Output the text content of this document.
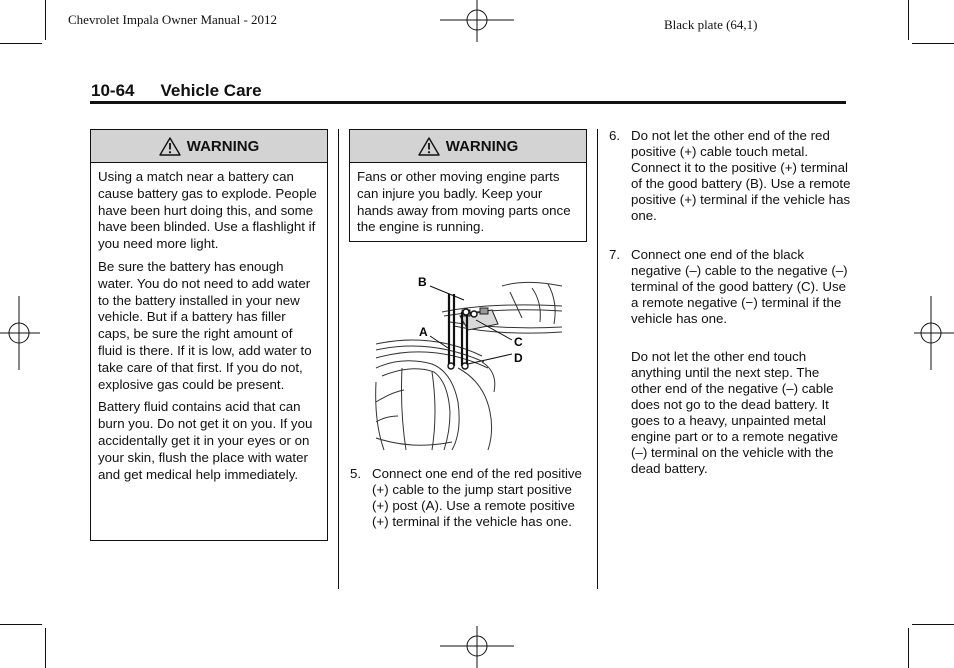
Chevrolet Impala Owner Manual - 2012	Black plate (64,1)
10-64 Vehicle Care
WARNING

Using a match near a battery can cause battery gas to explode. People have been hurt doing this, and some have been blinded. Use a flashlight if you need more light.

Be sure the battery has enough water. You do not need to add water to the battery installed in your new vehicle. But if a battery has filler caps, be sure the right amount of fluid is there. If it is low, add water to take care of that first. If you do not, explosive gas could be present.

Battery fluid contains acid that can burn you. Do not get it on you. If you accidentally get it in your eyes or on your skin, flush the place with water and get medical help immediately.

WARNING

Fans or other moving engine parts can injure you badly. Keep your hands away from moving parts once the engine is running.

B
A
C
D
5. Connect one end of the red positive (+) cable to the jump start positive (+) post (A). Use a remote positive (+) terminal if the vehicle has one.
6. Do not let the other end of the red positive (+) cable touch metal. Connect it to the positive (+) terminal of the good battery (B). Use a remote positive (+) terminal if the vehicle has one.
7. Connect one end of the black negative (–) cable to the negative (–) terminal of the good battery (C). Use a remote negative (−) terminal if the vehicle has one.
Do not let the other end touch anything until the next step. The other end of the negative (–) cable does not go to the dead battery. It goes to a heavy, unpainted metal engine part or to a remote negative (–) terminal on the vehicle with the dead battery.
